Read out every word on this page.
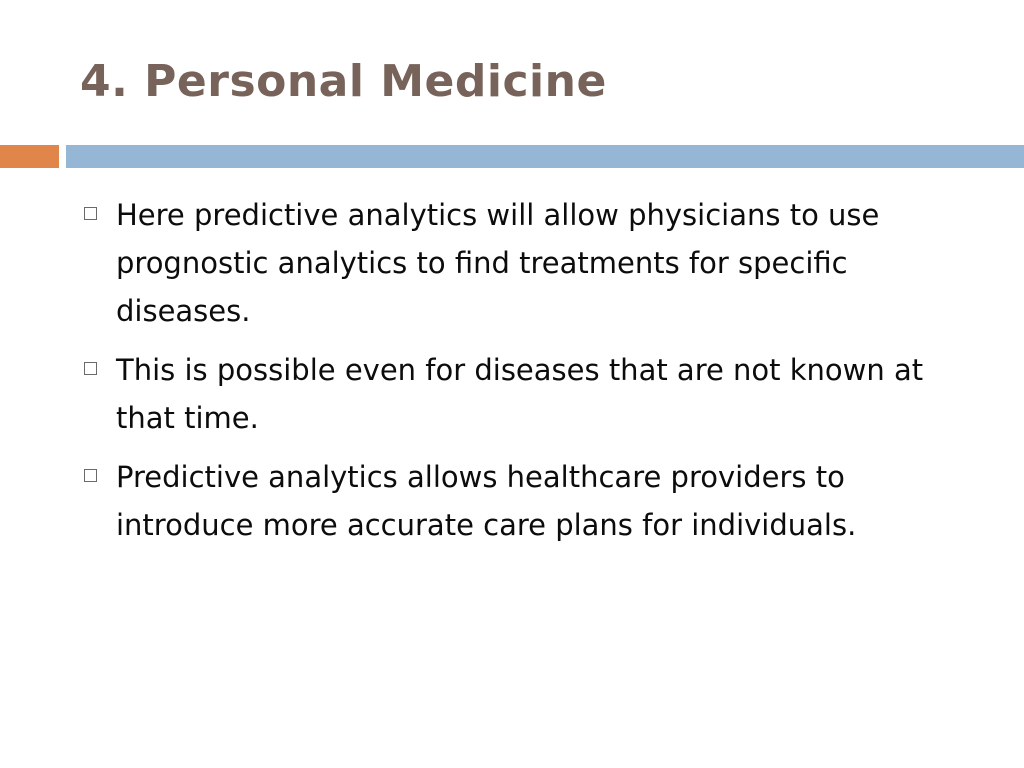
4. Personal Medicine
Here predictive analytics will allow physicians to use prognostic analytics to find treatments for specific diseases.
This is possible even for diseases that are not known at that time.
Predictive analytics allows healthcare providers to introduce more accurate care plans for individuals.
